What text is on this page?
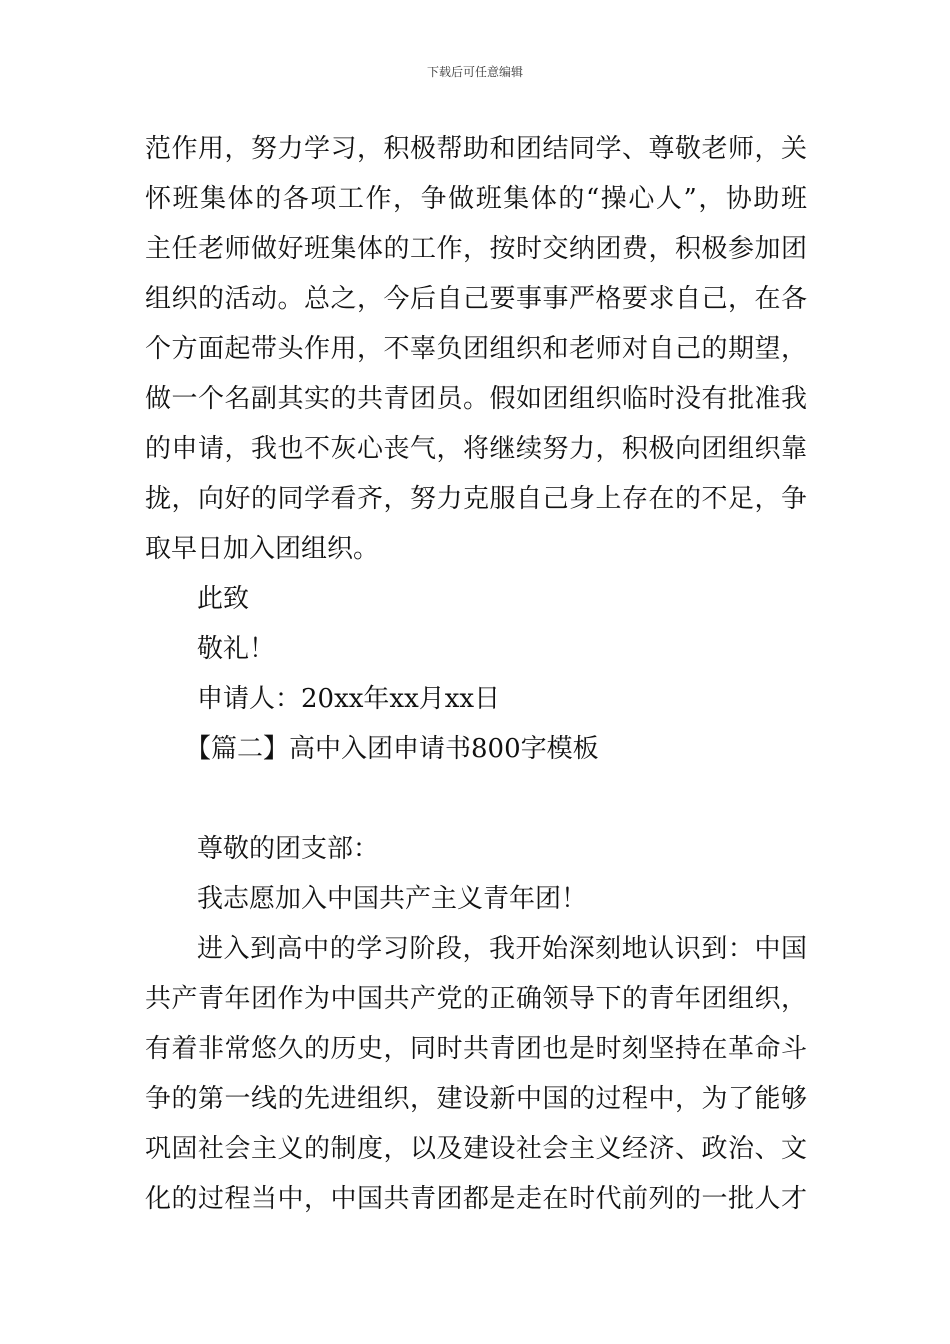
下载后可任意编辑
范作用，努力学习，积极帮助和团结同学、尊敬老师，关
怀班集体的各项工作，争做班集体的“操心人”，协助班
主任老师做好班集体的工作，按时交纳团费，积极参加团
组织的活动。总之，今后自己要事事严格要求自己，在各
个方面起带头作用，不辜负团组织和老师对自己的期望，
做一个名副其实的共青团员。假如团组织临时没有批准我
的申请，我也不灰心丧气，将继续努力，积极向团组织靠
拢，向好的同学看齐，努力克服自己身上存在的不足，争
取早日加入团组织。
此致
敬礼！
申请人：20xx年xx月xx日
【篇二】高中入团申请书800字模板
尊敬的团支部：
我志愿加入中国共产主义青年团！
进入到高中的学习阶段，我开始深刻地认识到：中国
共产青年团作为中国共产党的正确领导下的青年团组织，
有着非常悠久的历史，同时共青团也是时刻坚持在革命斗
争的第一线的先进组织，建设新中国的过程中，为了能够
巩固社会主义的制度，以及建设社会主义经济、政治、文
化的过程当中，中国共青团都是走在时代前列的一批人才
